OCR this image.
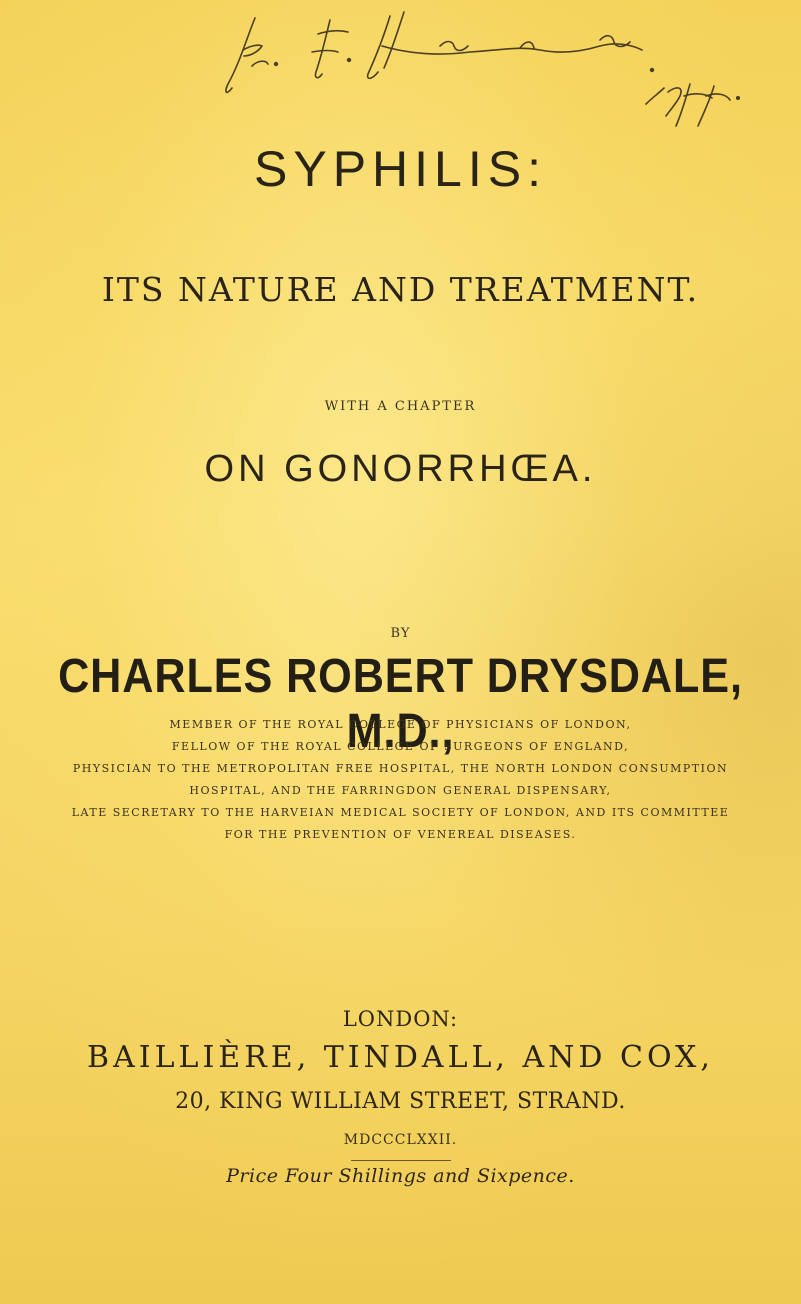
SYPHILIS:
ITS NATURE AND TREATMENT.
WITH A CHAPTER
ON GONORRHŒA.
BY
CHARLES ROBERT DRYSDALE, M.D.,
MEMBER OF THE ROYAL COLLEGE OF PHYSICIANS OF LONDON,
FELLOW OF THE ROYAL COLLEGE OF SURGEONS OF ENGLAND,
PHYSICIAN TO THE METROPOLITAN FREE HOSPITAL, THE NORTH LONDON CONSUMPTION
HOSPITAL, AND THE FARRINGDON GENERAL DISPENSARY,
LATE SECRETARY TO THE HARVEIAN MEDICAL SOCIETY OF LONDON, AND ITS COMMITTEE
FOR THE PREVENTION OF VENEREAL DISEASES.
LONDON:
BAILLIÈRE, TINDALL, AND COX,
20, KING WILLIAM STREET, STRAND.
MDCCCLXXII.
Price Four Shillings and Sixpence.
